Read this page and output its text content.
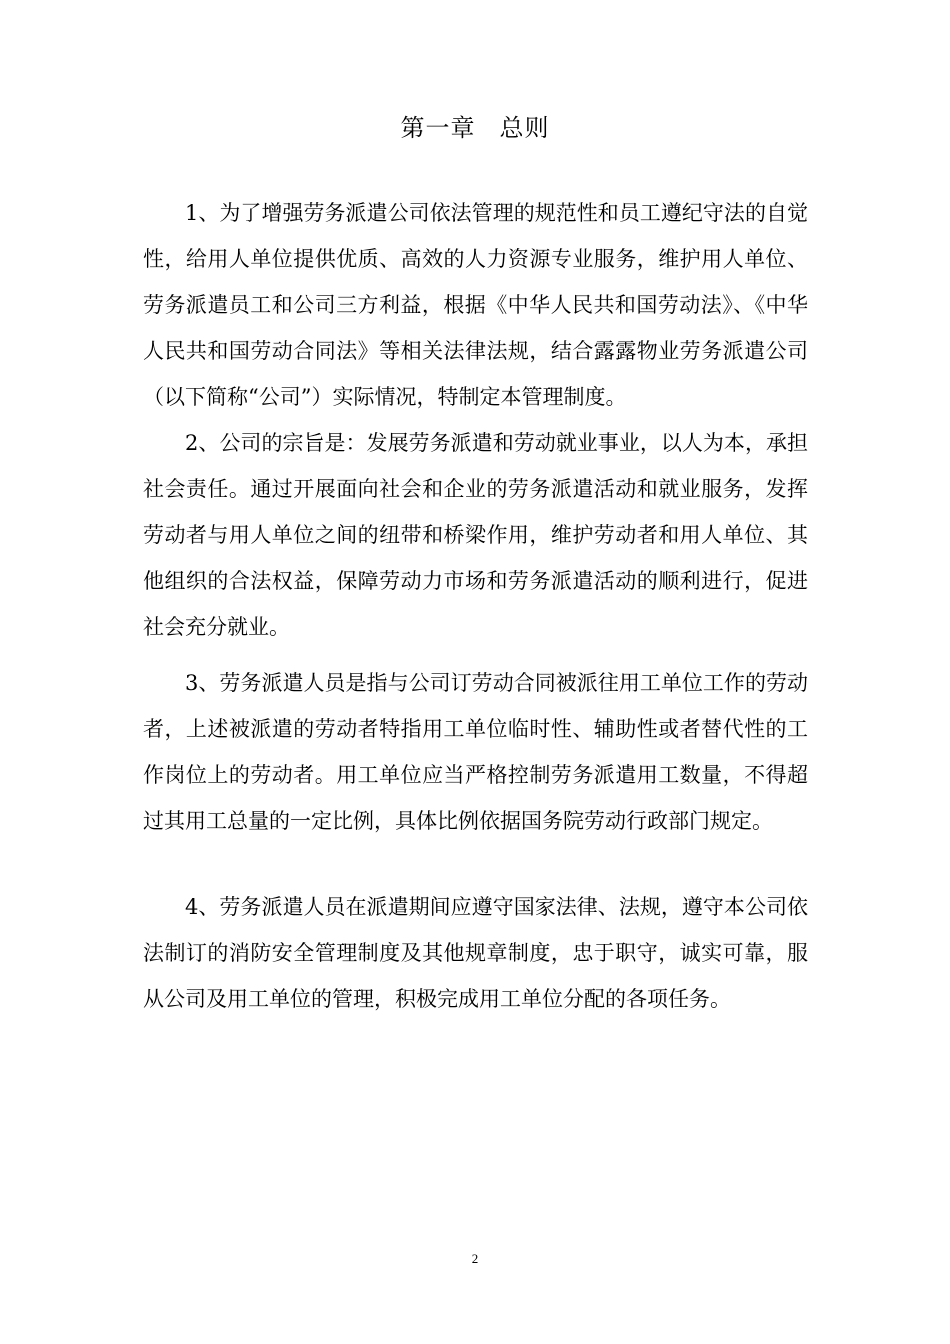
第一章 总则

1、为了增强劳务派遣公司依法管理的规范性和员工遵纪守法的自觉性，给用人单位提供优质、高效的人力资源专业服务，维护用人单位、劳务派遣员工和公司三方利益，根据《中华人民共和国劳动法》、《中华人民共和国劳动合同法》等相关法律法规，结合露露物业劳务派遣公司（以下简称“公司”）实际情况，特制定本管理制度。

2、公司的宗旨是：发展劳务派遣和劳动就业事业，以人为本，承担社会责任。通过开展面向社会和企业的劳务派遣活动和就业服务，发挥劳动者与用人单位之间的纽带和桥梁作用，维护劳动者和用人单位、其他组织的合法权益，保障劳动力市场和劳务派遣活动的顺利进行，促进社会充分就业。

3、劳务派遣人员是指与公司订劳动合同被派往用工单位工作的劳动者，上述被派遣的劳动者特指用工单位临时性、辅助性或者替代性的工作岗位上的劳动者。用工单位应当严格控制劳务派遣用工数量，不得超过其用工总量的一定比例，具体比例依据国务院劳动行政部门规定。

4、劳务派遣人员在派遣期间应遵守国家法律、法规，遵守本公司依法制订的消防安全管理制度及其他规章制度，忠于职守，诚实可靠，服从公司及用工单位的管理，积极完成用工单位分配的各项任务。

2
